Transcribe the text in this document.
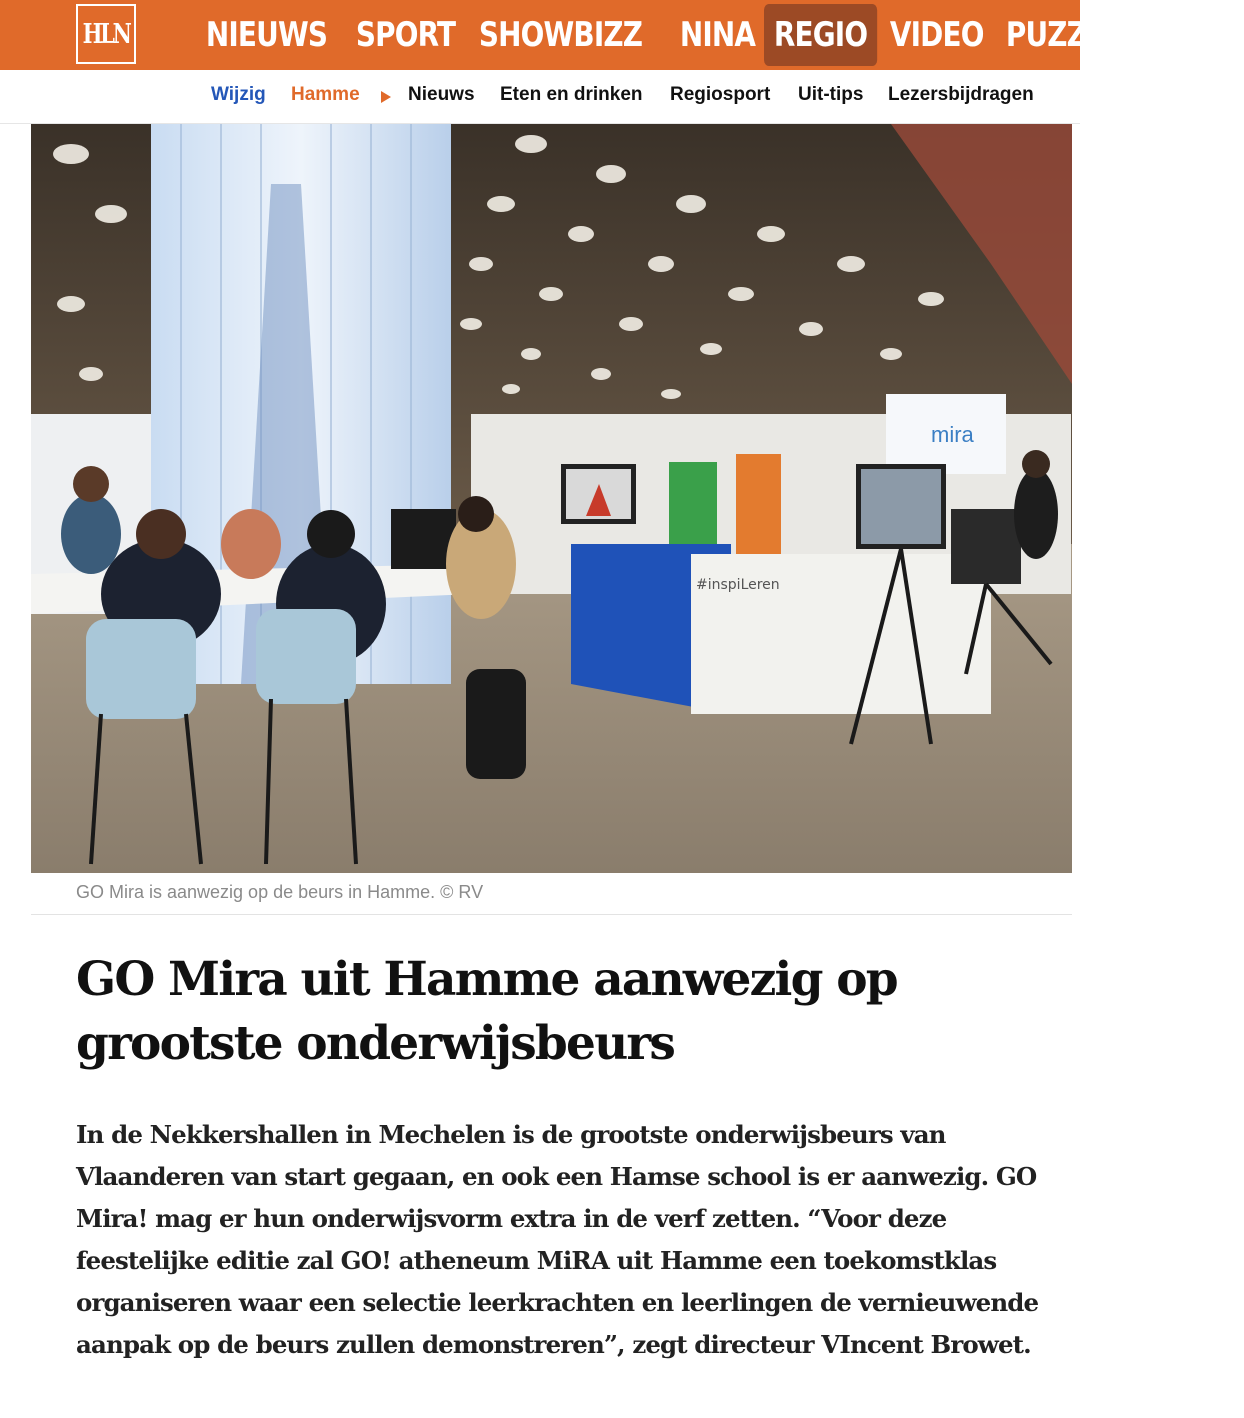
HLN NIEUWS SPORT SHOWBIZZ NINA REGIO VIDEO PUZZEL PODC
Wijzig Hamme	Nieuws Eten en drinken Regiosport Uit-tips Lezersbijdragen
mira
#inspiLeren
GO Mira is aanwezig op de beurs in Hamme. © RV
GO Mira uit Hamme aanwezig op grootste onderwijsbeurs

In de Nekkershallen in Mechelen is de grootste onderwijsbeurs van Vlaanderen van start gegaan, en ook een Hamse school is er aanwezig. GO Mira! mag er hun onderwijsvorm extra in de verf zetten. “Voor deze feestelijke editie zal GO! atheneum MiRA uit Hamme een toekomstklas organiseren waar een selectie leerkrachten en leerlingen de vernieuwende aanpak op de beurs zullen demonstreren”, zegt directeur VIncent Browet.
